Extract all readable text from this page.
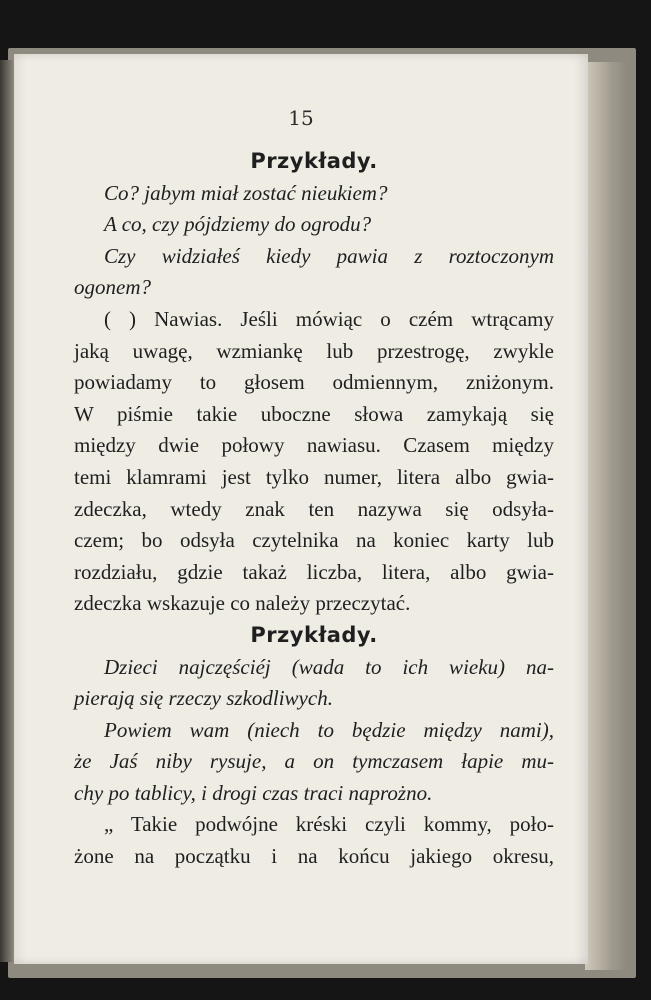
15
Przykłady.
Co? jabym miał zostać nieukiem?
A co, czy pójdziemy do ogrodu?
Czy widziałeś kiedy pawia z roztoczonym
ogonem?
( ) Nawias. Jeśli mówiąc o czém wtrącamy
jaką uwagę, wzmiankę lub przestrogę, zwykle
powiadamy to głosem odmiennym, zniżonym.
W piśmie takie uboczne słowa zamykają się
między dwie połowy nawiasu. Czasem między
temi klamrami jest tylko numer, litera albo gwia-
zdeczka, wtedy znak ten nazywa się odsyła-
czem; bo odsyła czytelnika na koniec karty lub
rozdziału, gdzie takaż liczba, litera, albo gwia-
zdeczka wskazuje co należy przeczytać.
Przykłady.
Dzieci najczęściéj (wada to ich wieku) na-
pierają się rzeczy szkodliwych.
Powiem wam (niech to będzie między nami),
że Jaś niby rysuje, a on tymczasem łapie mu-
chy po tablicy, i drogi czas traci naprożno.
„ Takie podwójne kréski czyli kommy, poło-
żone na początku i na końcu jakiego okresu,
